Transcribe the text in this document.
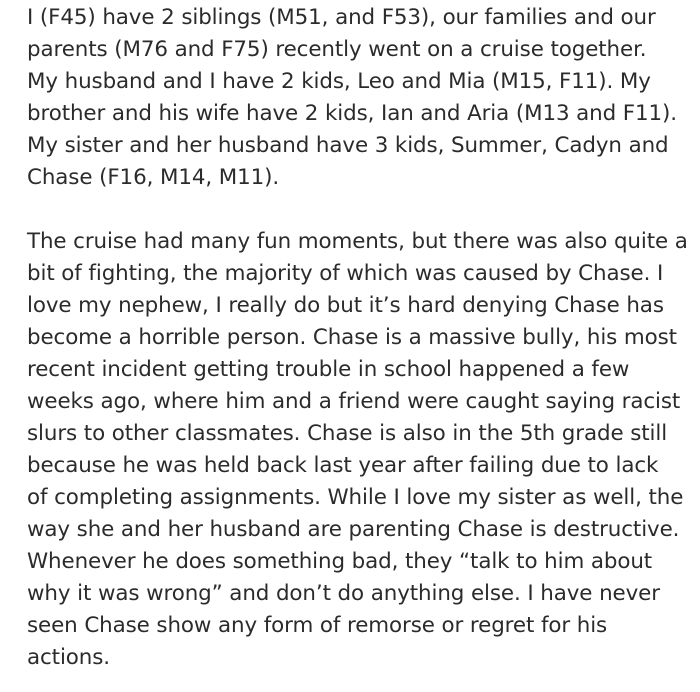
I (F45) have 2 siblings (M51, and F53), our families and our
parents (M76 and F75) recently went on a cruise together.
My husband and I have 2 kids, Leo and Mia (M15, F11). My
brother and his wife have 2 kids, Ian and Aria (M13 and F11).
My sister and her husband have 3 kids, Summer, Cadyn and
Chase (F16, M14, M11).

The cruise had many fun moments, but there was also quite a
bit of fighting, the majority of which was caused by Chase. I
love my nephew, I really do but it’s hard denying Chase has
become a horrible person. Chase is a massive bully, his most
recent incident getting trouble in school happened a few
weeks ago, where him and a friend were caught saying racist
slurs to other classmates. Chase is also in the 5th grade still
because he was held back last year after failing due to lack
of completing assignments. While I love my sister as well, the
way she and her husband are parenting Chase is destructive.
Whenever he does something bad, they “talk to him about
why it was wrong” and don’t do anything else. I have never
seen Chase show any form of remorse or regret for his
actions.
